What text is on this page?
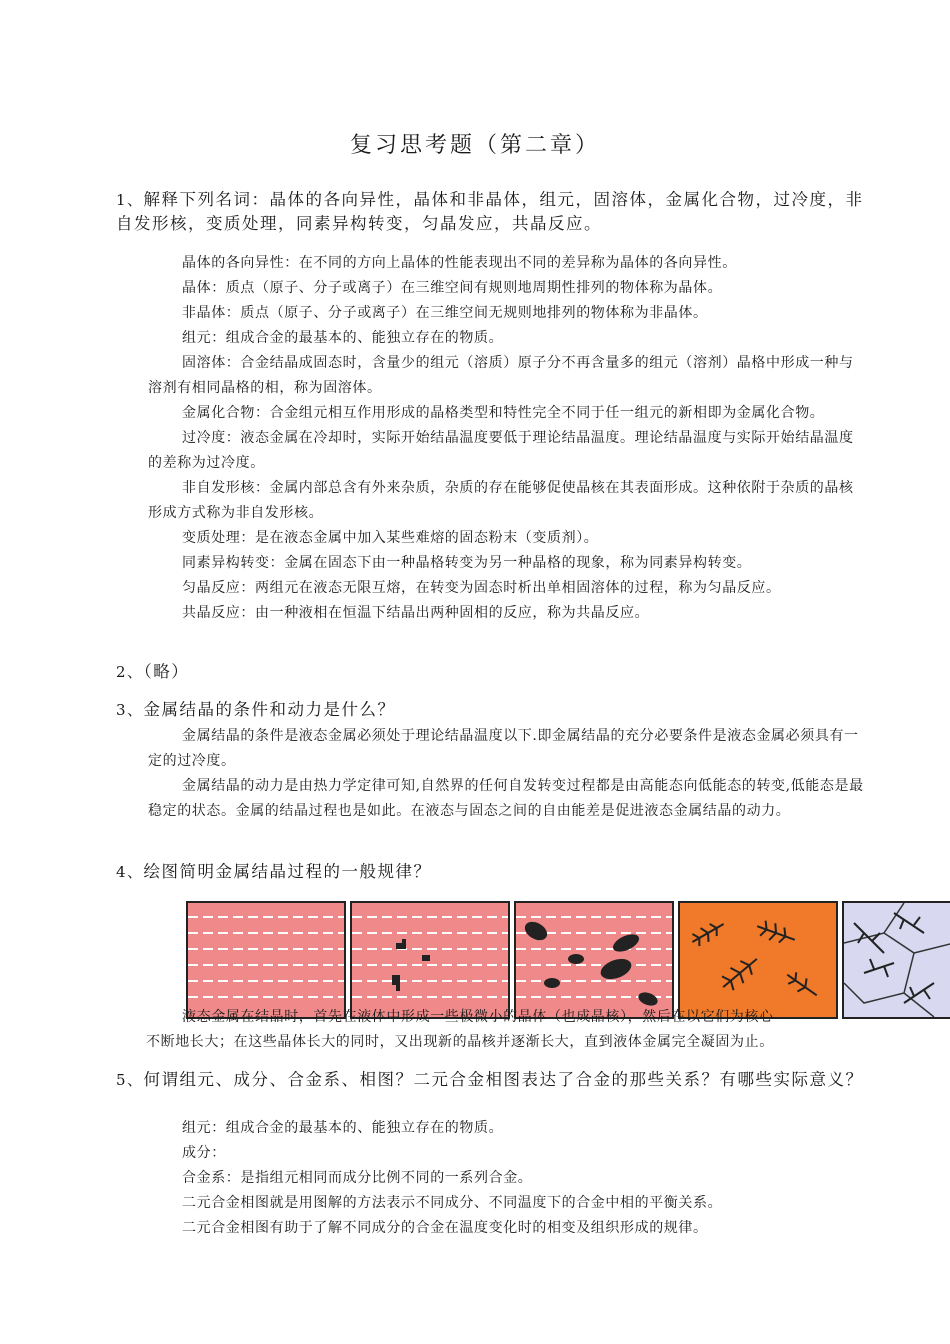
复习思考题（第二章）
1、解释下列名词：晶体的各向异性，晶体和非晶体，组元，固溶体，金属化合物，过冷度，非自发形核，变质处理，同素异构转变，匀晶发应，共晶反应。

晶体的各向异性：在不同的方向上晶体的性能表现出不同的差异称为晶体的各向异性。

晶体：质点（原子、分子或离子）在三维空间有规则地周期性排列的物体称为晶体。

非晶体：质点（原子、分子或离子）在三维空间无规则地排列的物体称为非晶体。

组元：组成合金的最基本的、能独立存在的物质。

固溶体：合金结晶成固态时，含量少的组元（溶质）原子分不再含量多的组元（溶剂）晶格中形成一种与溶剂有相同晶格的相，称为固溶体。

金属化合物：合金组元相互作用形成的晶格类型和特性完全不同于任一组元的新相即为金属化合物。

过冷度：液态金属在冷却时，实际开始结晶温度要低于理论结晶温度。理论结晶温度与实际开始结晶温度的差称为过冷度。

非自发形核：金属内部总含有外来杂质，杂质的存在能够促使晶核在其表面形成。这种依附于杂质的晶核形成方式称为非自发形核。

变质处理：是在液态金属中加入某些难熔的固态粉末（变质剂）。

同素异构转变：金属在固态下由一种晶格转变为另一种晶格的现象，称为同素异构转变。

匀晶反应：两组元在液态无限互熔，在转变为固态时析出单相固溶体的过程，称为匀晶反应。

共晶反应：由一种液相在恒温下结晶出两种固相的反应，称为共晶反应。

2、（略）
3、金属结晶的条件和动力是什么？

金属结晶的条件是液态金属必须处于理论结晶温度以下.即金属结晶的充分必要条件是液态金属必须具有一定的过冷度。

金属结晶的动力是由热力学定律可知,自然界的任何自发转变过程都是由高能态向低能态的转变,低能态是最稳定的状态。金属的结晶过程也是如此。在液态与固态之间的自由能差是促进液态金属结晶的动力。

4、绘图简明金属结晶过程的一般规律？

液态金属在结晶时，首先在液体中形成一些极微小的晶体（也成晶核），然后在以它们为核心

不断地长大；在这些晶体长大的同时，又出现新的晶核并逐渐长大，直到液体金属完全凝固为止。

5、何谓组元、成分、合金系、相图？二元合金相图表达了合金的那些关系？有哪些实际意义？

组元：组成合金的最基本的、能独立存在的物质。

成分：

合金系：是指组元相同而成分比例不同的一系列合金。

二元合金相图就是用图解的方法表示不同成分、不同温度下的合金中相的平衡关系。

二元合金相图有助于了解不同成分的合金在温度变化时的相变及组织形成的规律。
